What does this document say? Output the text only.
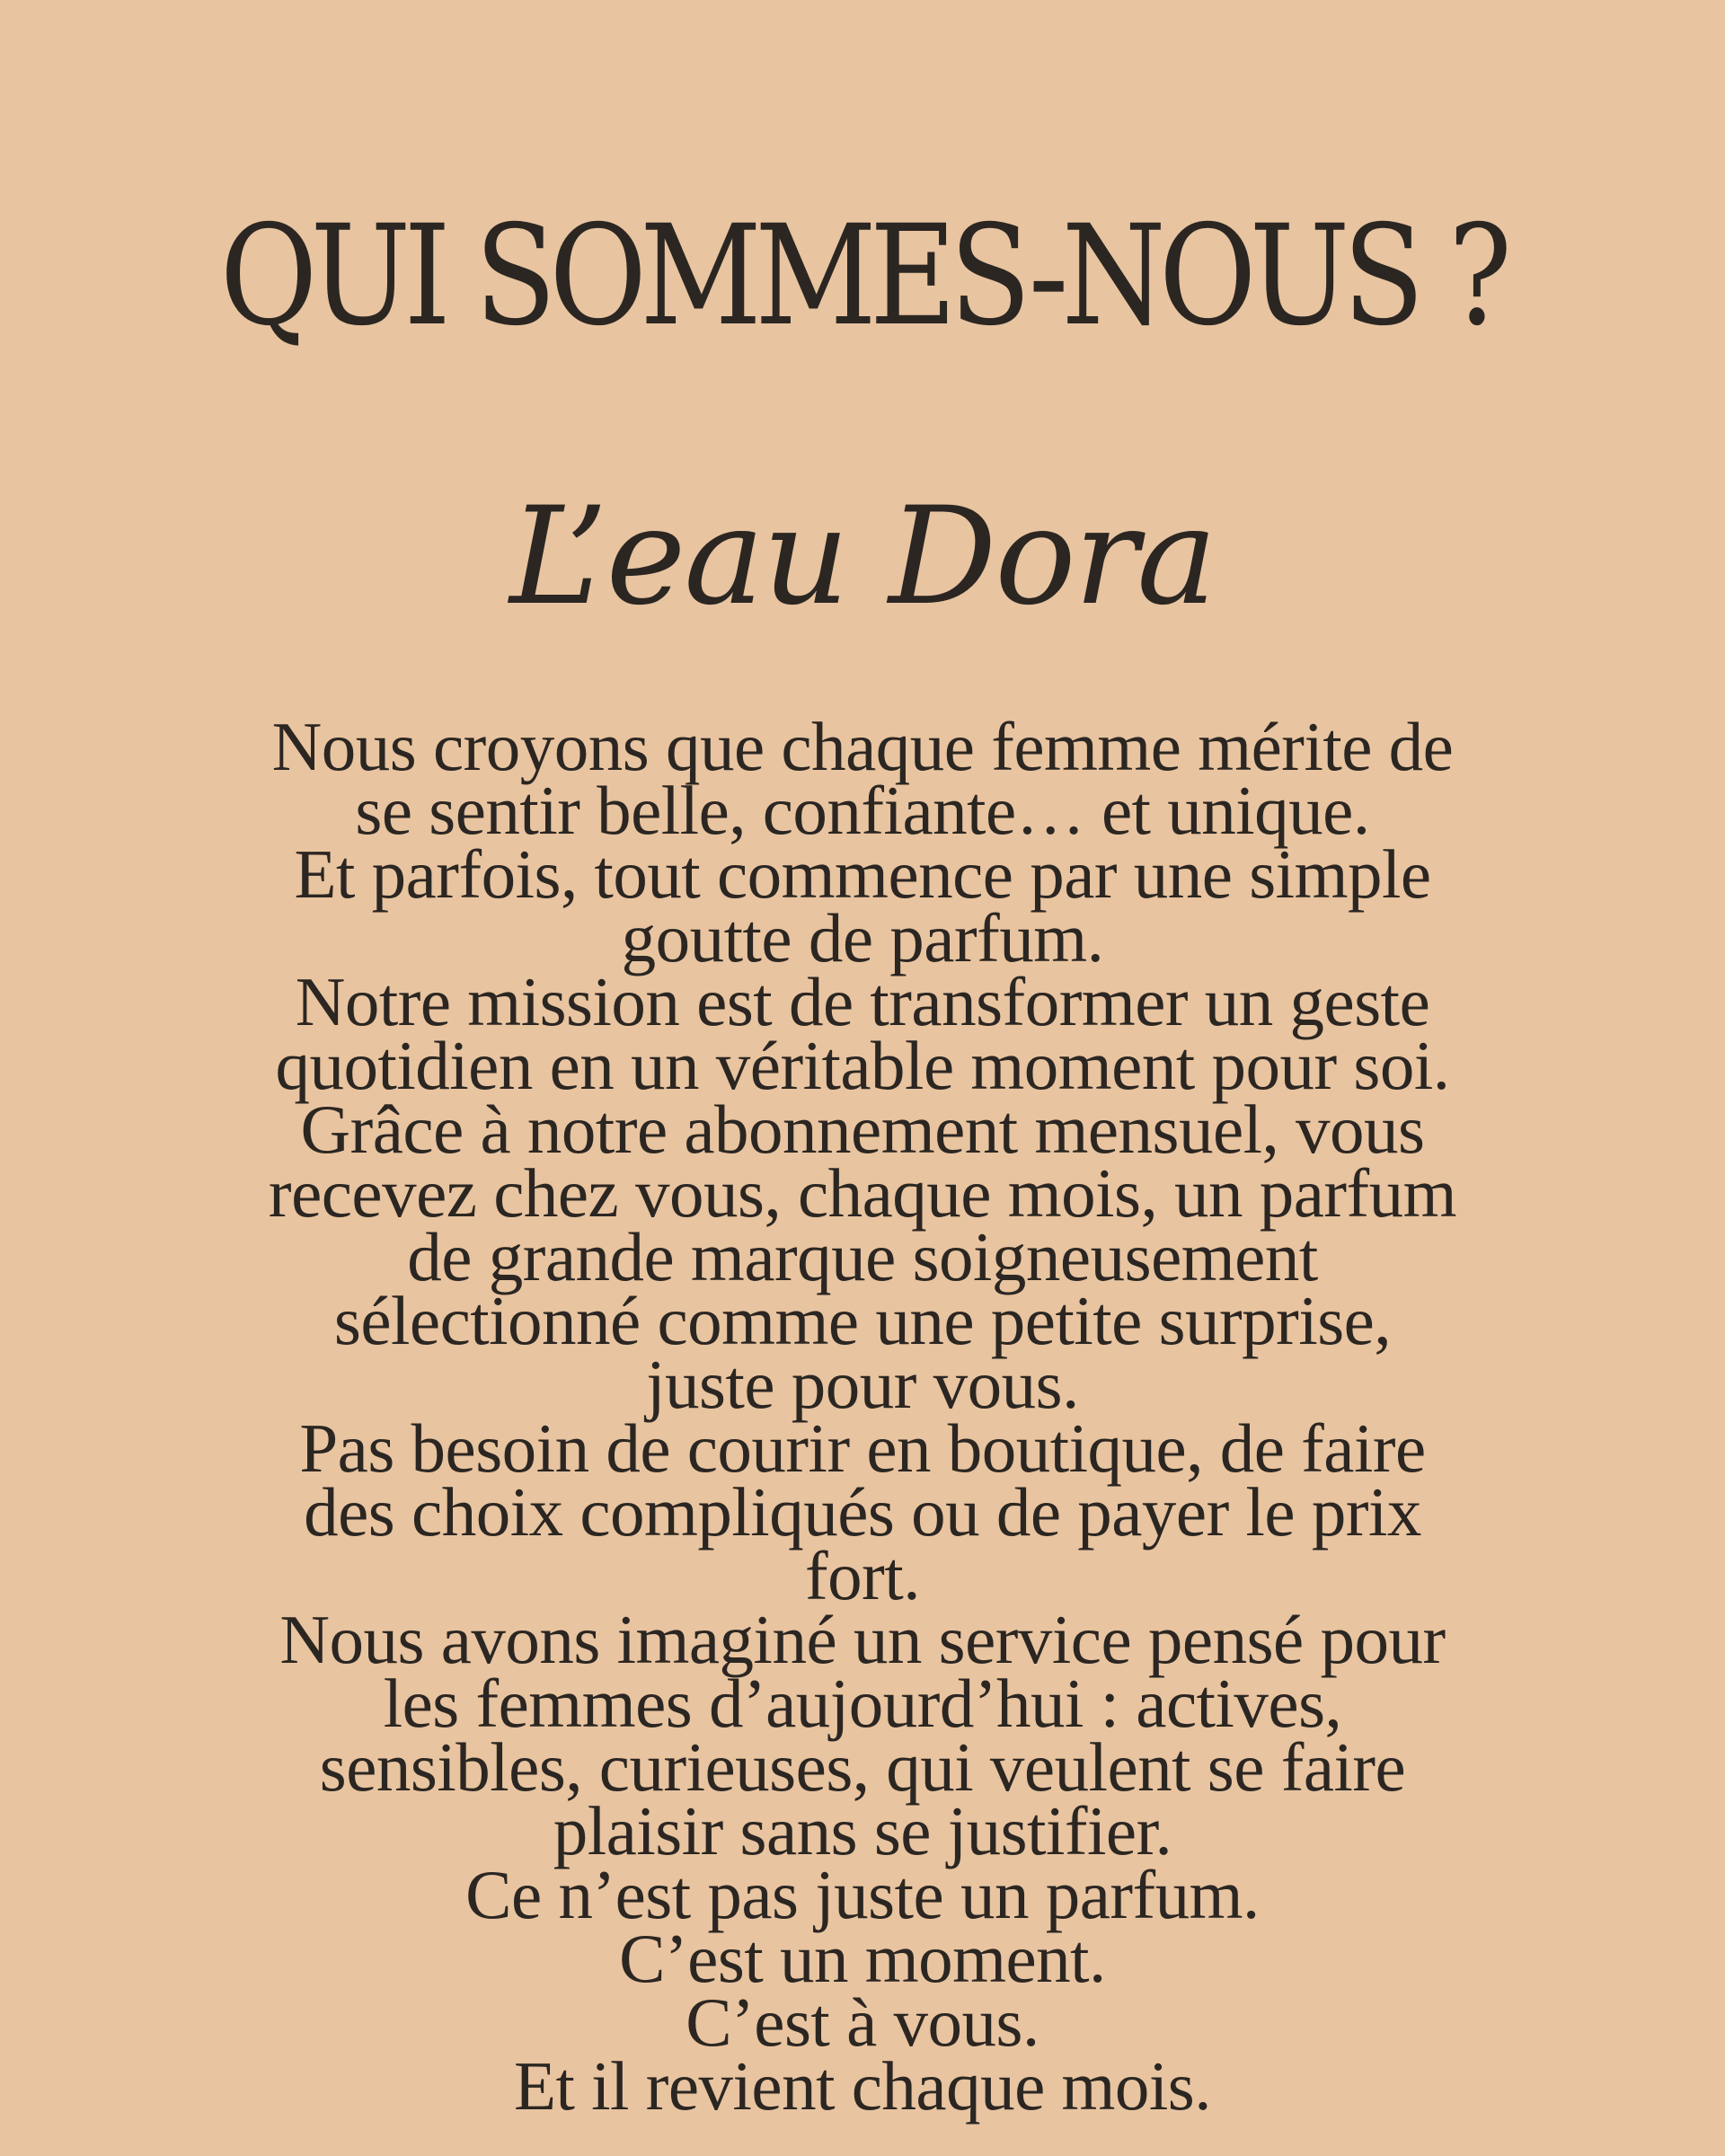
QUI SOMMES-NOUS ?
L’eau Dora
Nous croyons que chaque femme mérite de
se sentir belle, confiante… et unique.
Et parfois, tout commence par une simple
goutte de parfum.
Notre mission est de transformer un geste
quotidien en un véritable moment pour soi.
Grâce à notre abonnement mensuel, vous
recevez chez vous, chaque mois, un parfum
de grande marque soigneusement
sélectionné comme une petite surprise,
juste pour vous.
Pas besoin de courir en boutique, de faire
des choix compliqués ou de payer le prix
fort.
Nous avons imaginé un service pensé pour
les femmes d’aujourd’hui : actives,
sensibles, curieuses, qui veulent se faire
plaisir sans se justifier.
Ce n’est pas juste un parfum.
C’est un moment.
C’est à vous.
Et il revient chaque mois.
